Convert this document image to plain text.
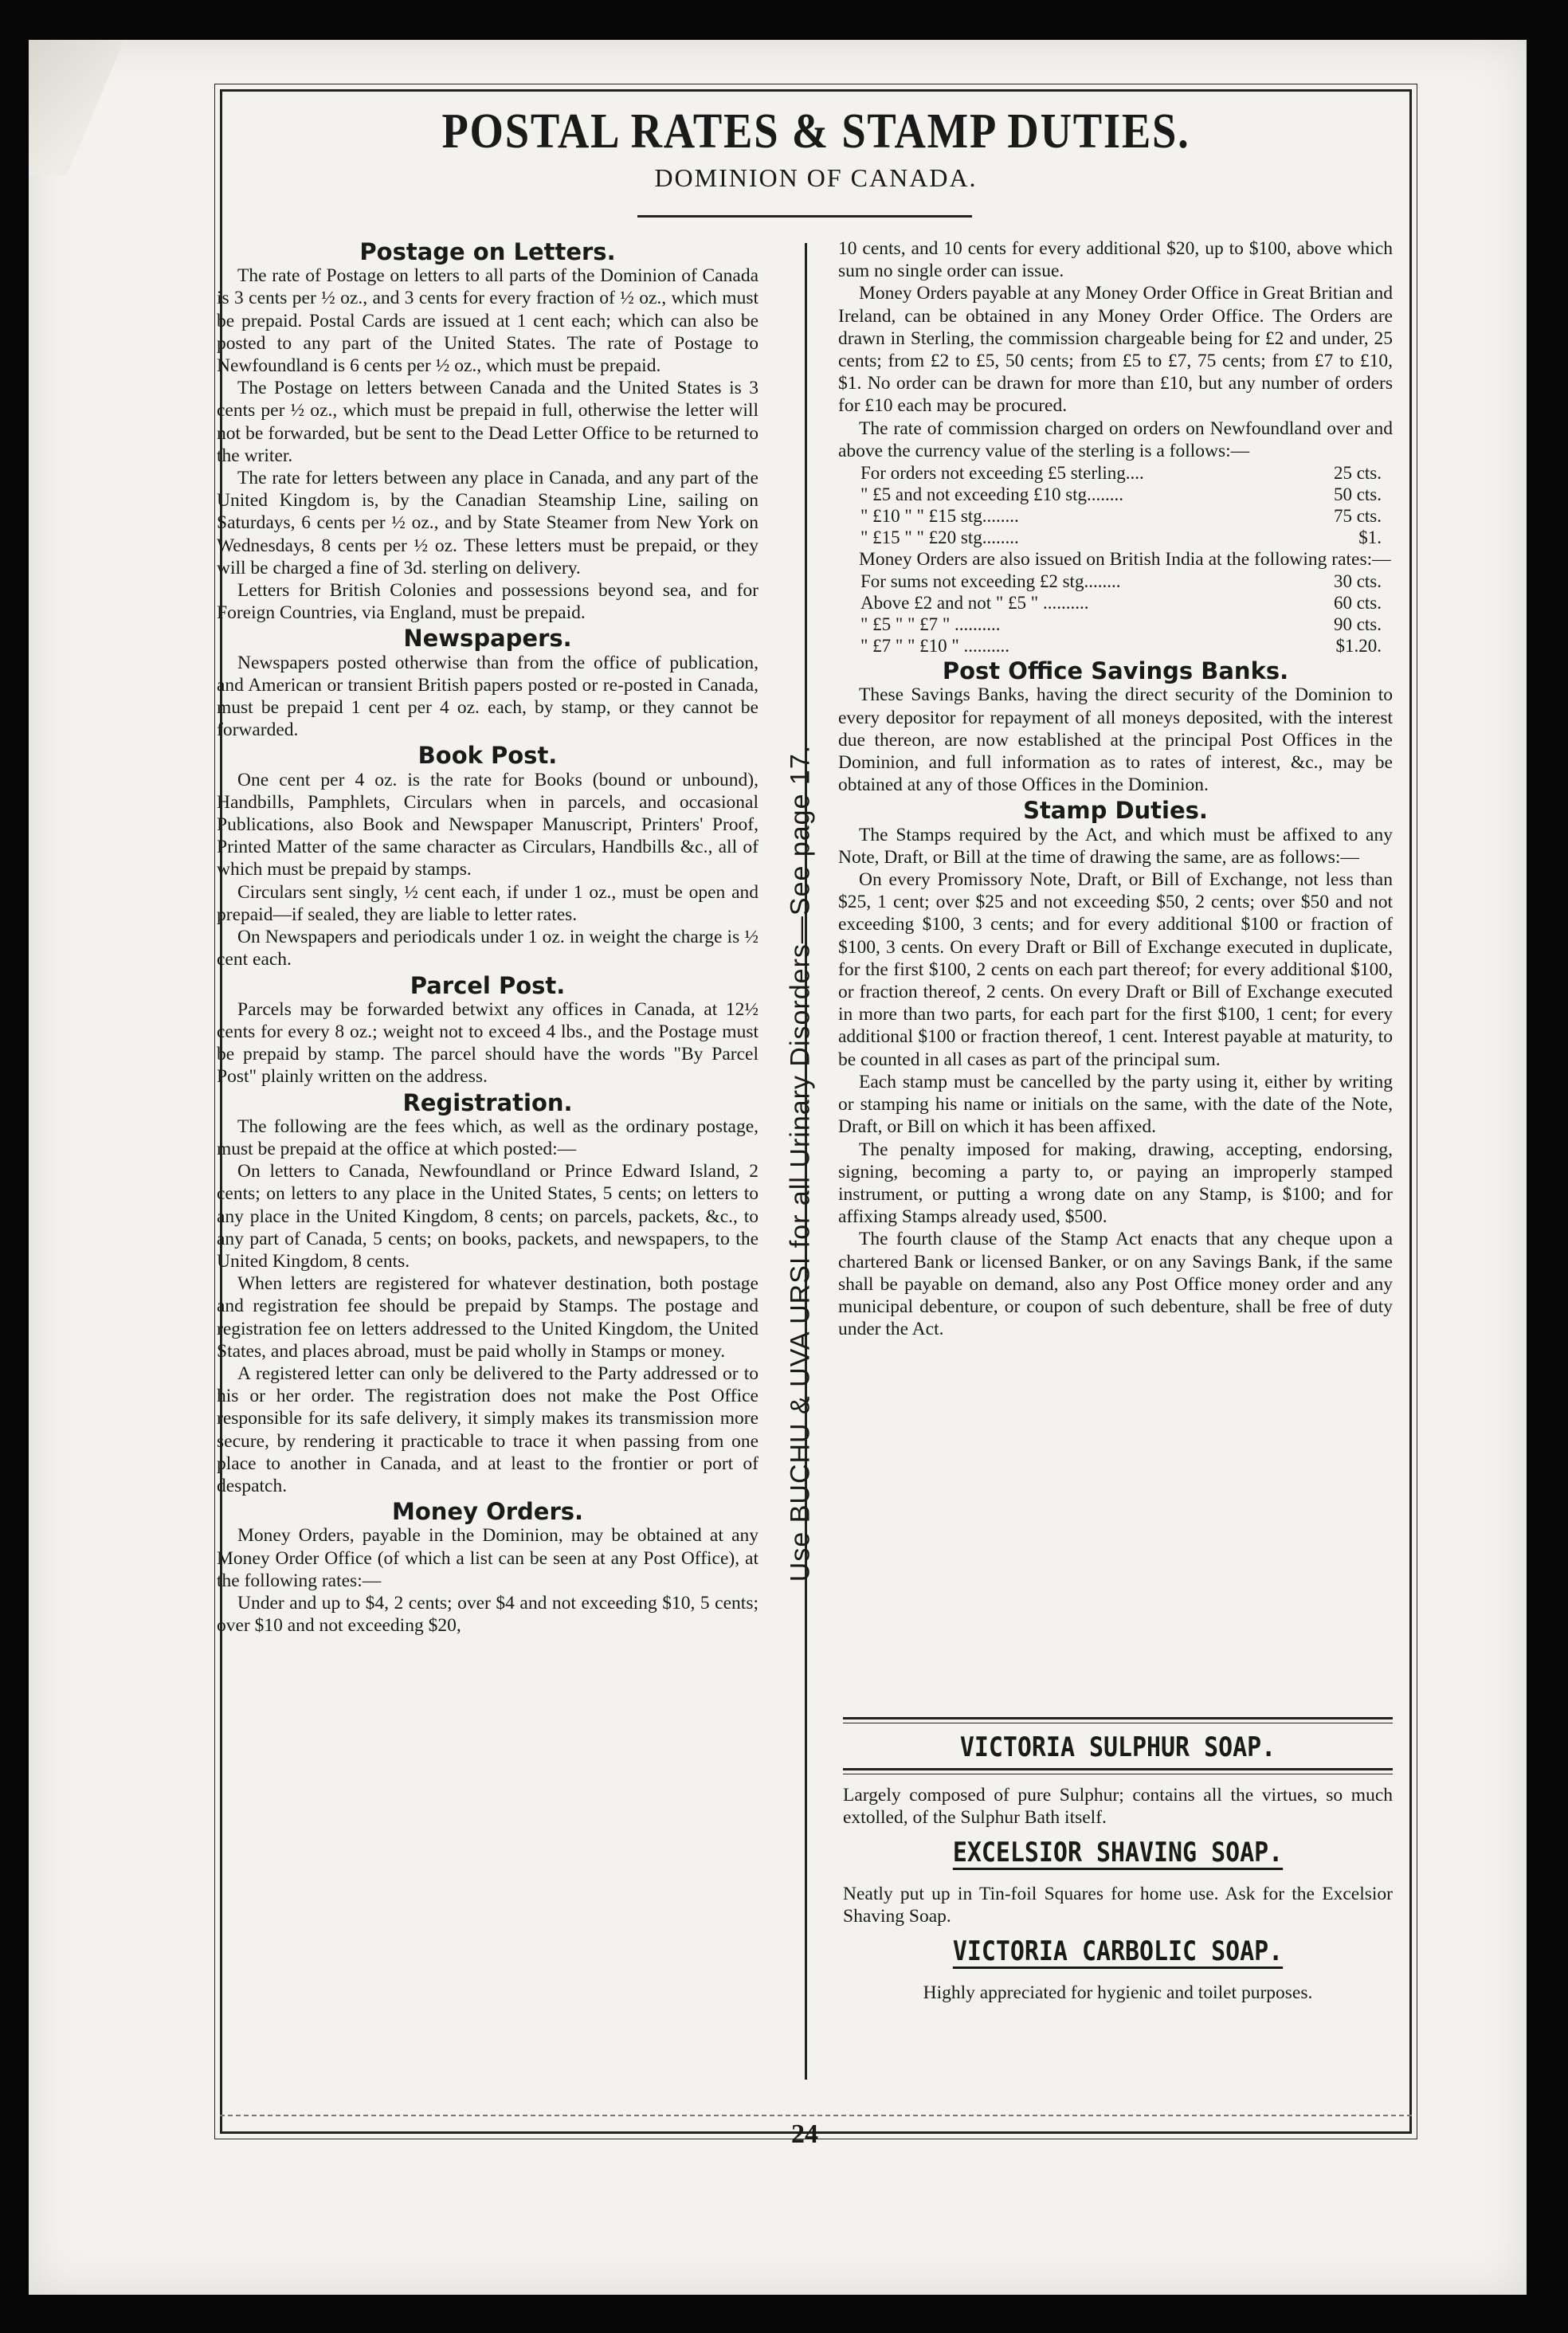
POSTAL RATES & STAMP DUTIES.
DOMINION OF CANADA.
Postage on Letters.

The rate of Postage on letters to all parts of the Dominion of Canada is 3 cents per ½ oz., and 3 cents for every fraction of ½ oz., which must be prepaid. Postal Cards are issued at 1 cent each; which can also be posted to any part of the United States. The rate of Postage to Newfoundland is 6 cents per ½ oz., which must be prepaid.

The Postage on letters between Canada and the United States is 3 cents per ½ oz., which must be prepaid in full, otherwise the letter will not be forwarded, but be sent to the Dead Letter Office to be returned to the writer.

The rate for letters between any place in Canada, and any part of the United Kingdom is, by the Canadian Steamship Line, sailing on Saturdays, 6 cents per ½ oz., and by State Steamer from New York on Wednesdays, 8 cents per ½ oz. These letters must be prepaid, or they will be charged a fine of 3d. sterling on delivery.

Letters for British Colonies and possessions beyond sea, and for Foreign Countries, via England, must be prepaid.

Newspapers.

Newspapers posted otherwise than from the office of publication, and American or transient British papers posted or re-posted in Canada, must be prepaid 1 cent per 4 oz. each, by stamp, or they cannot be forwarded.

Book Post.

One cent per 4 oz. is the rate for Books (bound or unbound), Handbills, Pamphlets, Circulars when in parcels, and occasional Publications, also Book and Newspaper Manuscript, Printers' Proof, Printed Matter of the same character as Circulars, Handbills &c., all of which must be prepaid by stamps.

Circulars sent singly, ½ cent each, if under 1 oz., must be open and prepaid—if sealed, they are liable to letter rates.

On Newspapers and periodicals under 1 oz. in weight the charge is ½ cent each.

Parcel Post.

Parcels may be forwarded betwixt any offices in Canada, at 12½ cents for every 8 oz.; weight not to exceed 4 lbs., and the Postage must be prepaid by stamp. The parcel should have the words "By Parcel Post" plainly written on the address.

Registration.

The following are the fees which, as well as the ordinary postage, must be prepaid at the office at which posted:—

On letters to Canada, Newfoundland or Prince Edward Island, 2 cents; on letters to any place in the United States, 5 cents; on letters to any place in the United Kingdom, 8 cents; on parcels, packets, &c., to any part of Canada, 5 cents; on books, packets, and newspapers, to the United Kingdom, 8 cents.

When letters are registered for whatever destination, both postage and registration fee should be prepaid by Stamps. The postage and registration fee on letters addressed to the United Kingdom, the United States, and places abroad, must be paid wholly in Stamps or money.

A registered letter can only be delivered to the Party addressed or to his or her order. The registration does not make the Post Office responsible for its safe delivery, it simply makes its transmission more secure, by rendering it practicable to trace it when passing from one place to another in Canada, and at least to the frontier or port of despatch.

Money Orders.

Money Orders, payable in the Dominion, may be obtained at any Money Order Office (of which a list can be seen at any Post Office), at the following rates:—

Under and up to $4, 2 cents; over $4 and not exceeding $10, 5 cents; over $10 and not exceeding $20,

Use BUCHU & UVA URSI for all Urinary Disorders—See page 17.

10 cents, and 10 cents for every additional $20, up to $100, above which sum no single order can issue.

Money Orders payable at any Money Order Office in Great Britian and Ireland, can be obtained in any Money Order Office. The Orders are drawn in Sterling, the commission chargeable being for £2 and under, 25 cents; from £2 to £5, 50 cents; from £5 to £7, 75 cents; from £7 to £10, $1. No order can be drawn for more than £10, but any number of orders for £10 each may be procured.

The rate of commission charged on orders on Newfoundland over and above the currency value of the sterling is a follows:—

For orders not exceeding £5 sterling....	25 cts.
" £5 and not exceeding £10 stg........	50 cts.
" £10 " " £15 stg........	75 cts.
" £15 " " £20 stg........	$1.

Money Orders are also issued on British India at the following rates:—

For sums not exceeding £2 stg........	30 cts.
Above £2 and not " £5 " ..........	60 cts.
" £5 " " £7 " ..........	90 cts.
" £7 " " £10 " ..........	$1.20.
Post Office Savings Banks.

These Savings Banks, having the direct security of the Dominion to every depositor for repayment of all moneys deposited, with the interest due thereon, are now established at the principal Post Offices in the Dominion, and full information as to rates of interest, &c., may be obtained at any of those Offices in the Dominion.

Stamp Duties.

The Stamps required by the Act, and which must be affixed to any Note, Draft, or Bill at the time of drawing the same, are as follows:—

On every Promissory Note, Draft, or Bill of Exchange, not less than $25, 1 cent; over $25 and not exceeding $50, 2 cents; over $50 and not exceeding $100, 3 cents; and for every additional $100 or fraction of $100, 3 cents. On every Draft or Bill of Exchange executed in duplicate, for the first $100, 2 cents on each part thereof; for every additional $100, or fraction thereof, 2 cents. On every Draft or Bill of Exchange executed in more than two parts, for each part for the first $100, 1 cent; for every additional $100 or fraction thereof, 1 cent. Interest payable at maturity, to be counted in all cases as part of the principal sum.

Each stamp must be cancelled by the party using it, either by writing or stamping his name or initials on the same, with the date of the Note, Draft, or Bill on which it has been affixed.

The penalty imposed for making, drawing, accepting, endorsing, signing, becoming a party to, or paying an improperly stamped instrument, or putting a wrong date on any Stamp, is $100; and for affixing Stamps already used, $500.

The fourth clause of the Stamp Act enacts that any cheque upon a chartered Bank or licensed Banker, or on any Savings Bank, if the same shall be payable on demand, also any Post Office money order and any municipal debenture, or coupon of such debenture, shall be free of duty under the Act.

VICTORIA SULPHUR SOAP.
Largely composed of pure Sulphur; contains all the virtues, so much extolled, of the Sulphur Bath itself.
EXCELSIOR SHAVING SOAP.
Neatly put up in Tin-foil Squares for home use. Ask for the Excelsior Shaving Soap.
VICTORIA CARBOLIC SOAP.
Highly appreciated for hygienic and toilet purposes.
24
